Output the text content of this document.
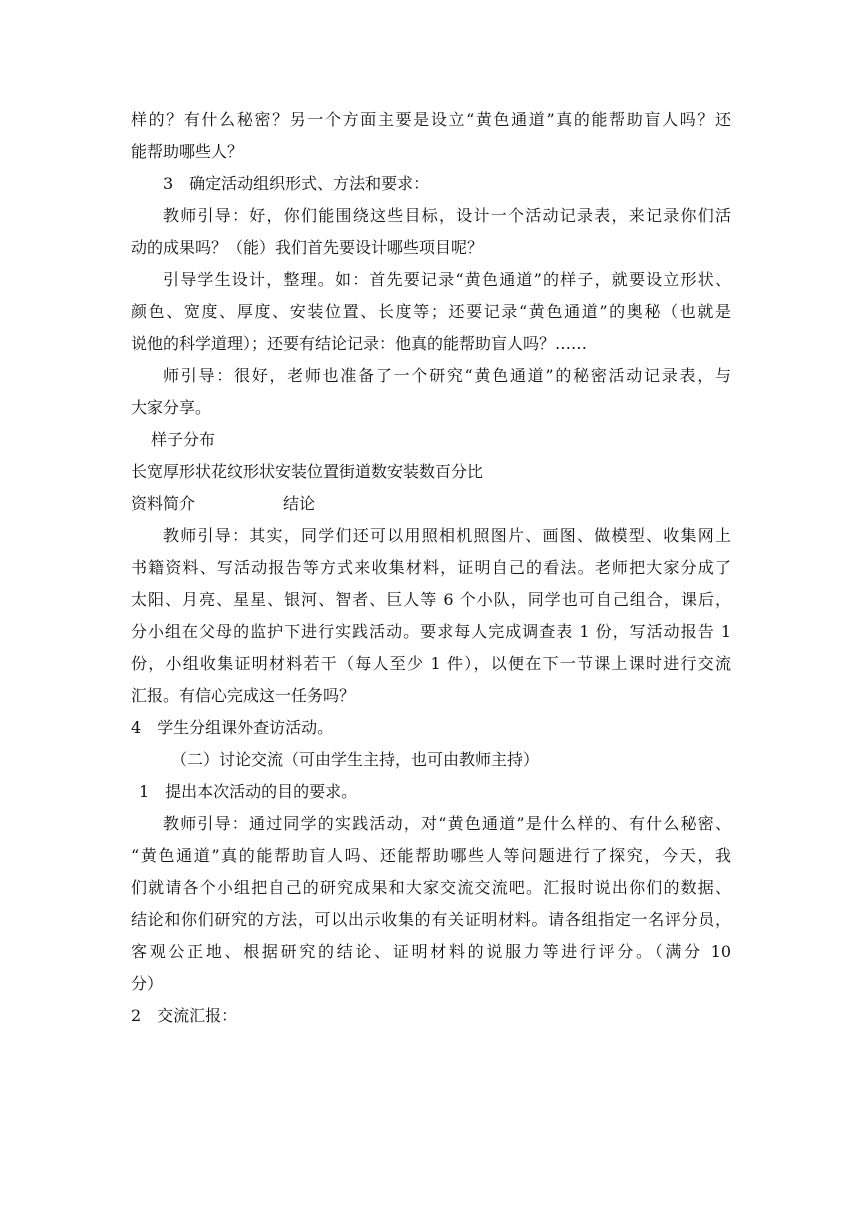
样的？有什么秘密？另一个方面主要是设立“黄色通道”真的能帮助盲人吗？还

能帮助哪些人？

3　确定活动组织形式、方法和要求：

教师引导：好，你们能围绕这些目标，设计一个活动记录表，来记录你们活

动的成果吗？（能）我们首先要设计哪些项目呢？

引导学生设计，整理。如：首先要记录“黄色通道”的样子，就要设立形状、

颜色、宽度、厚度、安装位置、长度等；还要记录“黄色通道”的奥秘（也就是

说他的科学道理）；还要有结论记录：他真的能帮助盲人吗？……

师引导：很好，老师也准备了一个研究“黄色通道”的秘密活动记录表，与

大家分享。

样子分布

长宽厚形状花纹形状安装位置街道数安装数百分比

资料简介	结论

教师引导：其实，同学们还可以用照相机照图片、画图、做模型、收集网上

书籍资料、写活动报告等方式来收集材料，证明自己的看法。老师把大家分成了

太阳、月亮、星星、银河、智者、巨人等 6 个小队，同学也可自己组合，课后，

分小组在父母的监护下进行实践活动。要求每人完成调查表 1 份，写活动报告 1

份，小组收集证明材料若干（每人至少 1 件），以便在下一节课上课时进行交流

汇报。有信心完成这一任务吗？

4　学生分组课外查访活动。

（二）讨论交流（可由学生主持，也可由教师主持）

1　提出本次活动的目的要求。

教师引导：通过同学的实践活动，对“黄色通道”是什么样的、有什么秘密、

“黄色通道”真的能帮助盲人吗、还能帮助哪些人等问题进行了探究，今天，我

们就请各个小组把自己的研究成果和大家交流交流吧。汇报时说出你们的数据、

结论和你们研究的方法，可以出示收集的有关证明材料。请各组指定一名评分员，

客观公正地、根据研究的结论、证明材料的说服力等进行评分。（满分 10

分）

2　交流汇报：
